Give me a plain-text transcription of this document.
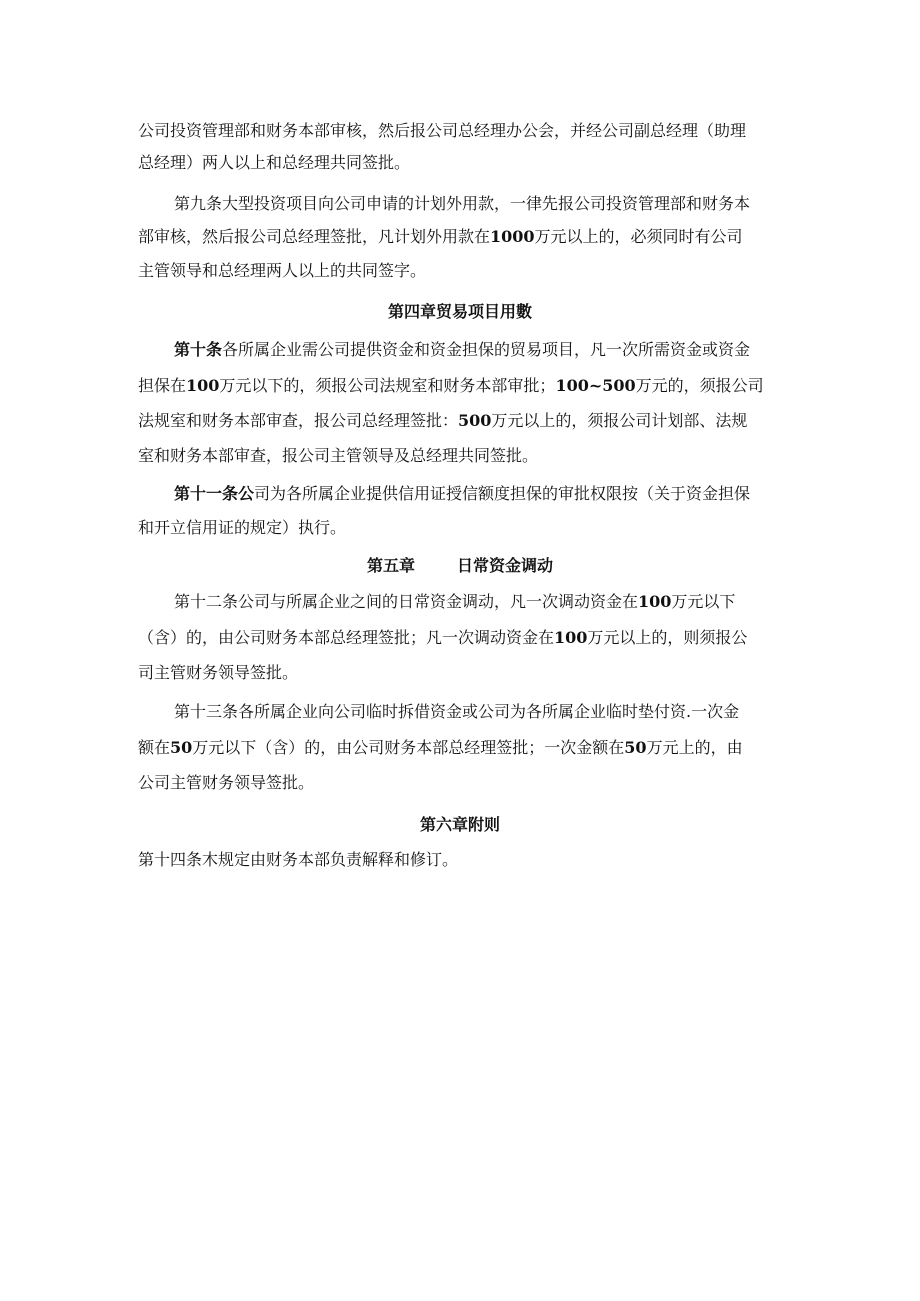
公司投资管理部和财务本部审核，然后报公司总经理办公会，并经公司副总经理（助理
总经理）两人以上和总经理共同签批。
第九条大型投资项目向公司申请的计划外用款，一律先报公司投资管理部和财务本
部审核，然后报公司总经理签批，凡计划外用款在1000万元以上的，必须同时有公司
主管领导和总经理两人以上的共同签字。
第四章贸易项目用數
第十条各所属企业需公司提供资金和资金担保的贸易项目，凡一次所需资金或资金
担保在100万元以下的，须报公司法规室和财务本部审批；100~500万元的，须报公司
法规室和财务本部审查，报公司总经理签批：500万元以上的，须报公司计划部、法规
室和财务本部审查，报公司主管领导及总经理共同签批。
第十一条公司为各所属企业提供信用证授信额度担保的审批权限按（关于资金担保
和开立信用证的规定）执行。
第五章	日常资金调动
第十二条公司与所属企业之间的日常资金调动，凡一次调动资金在100万元以下
（含）的，由公司财务本部总经理签批；凡一次调动资金在100万元以上的，则须报公
司主管财务领导签批。
第十三条各所属企业向公司临时拆借资金或公司为各所属企业临时垫付资.一次金
额在50万元以下（含）的，由公司财务本部总经理签批；一次金额在50万元上的，由
公司主管财务领导签批。
第六章附则
第十四条木规定由财务本部负责解释和修订。
